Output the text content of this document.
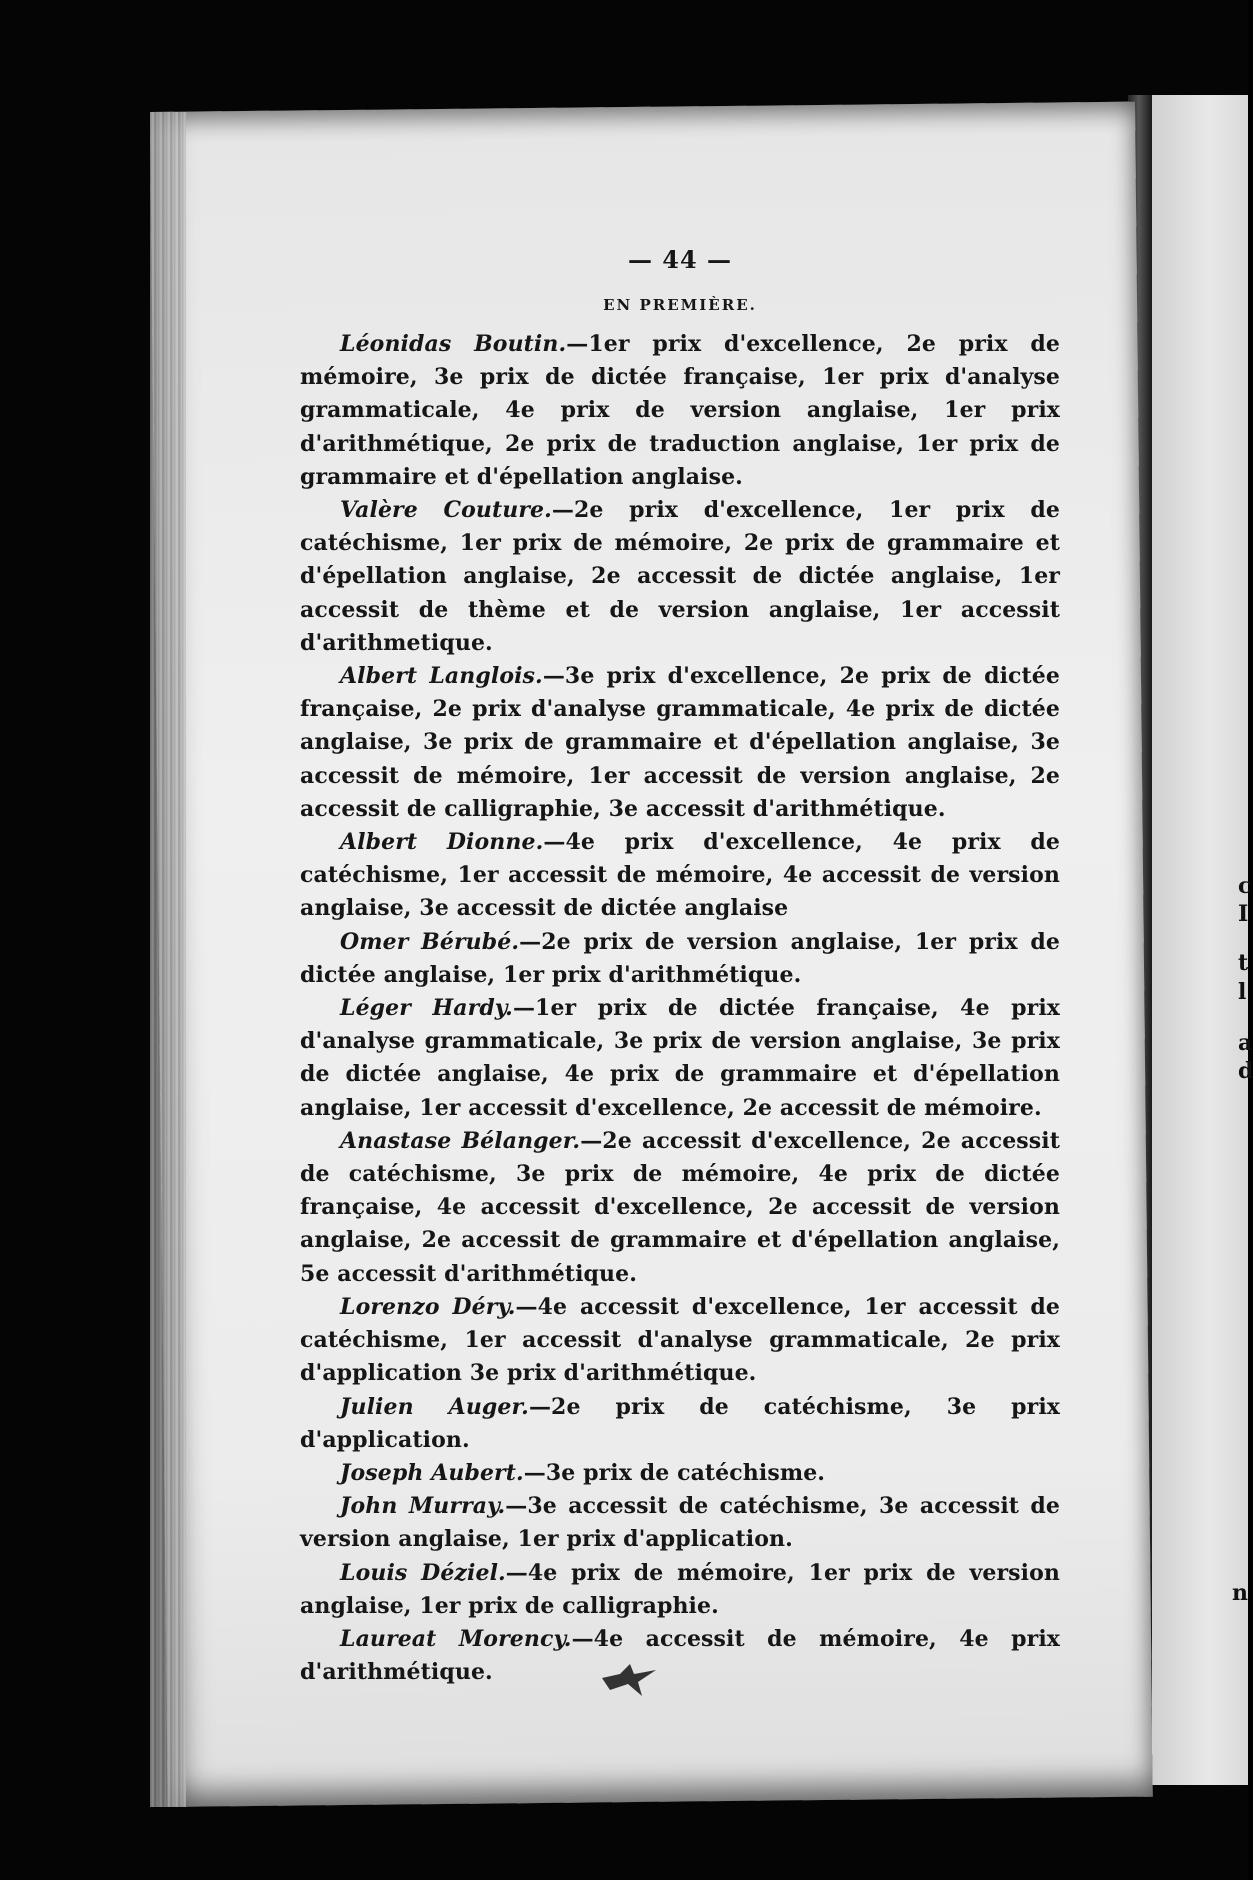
c
I
t
l
a
d
n
— 44 —
EN PREMIÈRE.

Léonidas Boutin.—1er prix d'excellence, 2e prix de mémoire, 3e prix de dictée française, 1er prix d'analyse grammaticale, 4e prix de version anglaise, 1er prix d'arithmétique, 2e prix de traduction anglaise, 1er prix de grammaire et d'épellation anglaise.

Valère Couture.—2e prix d'excellence, 1er prix de catéchisme, 1er prix de mémoire, 2e prix de grammaire et d'épellation anglaise, 2e accessit de dictée anglaise, 1er accessit de thème et de version anglaise, 1er accessit d'arithmetique.

Albert Langlois.—3e prix d'excellence, 2e prix de dictée française, 2e prix d'analyse grammaticale, 4e prix de dictée anglaise, 3e prix de grammaire et d'épellation anglaise, 3e accessit de mémoire, 1er accessit de version anglaise, 2e accessit de calligraphie, 3e accessit d'arithmétique.

Albert Dionne.—4e prix d'excellence, 4e prix de catéchisme, 1er accessit de mémoire, 4e accessit de version anglaise, 3e accessit de dictée anglaise

Omer Bérubé.—2e prix de version anglaise, 1er prix de dictée anglaise, 1er prix d'arithmétique.

Léger Hardy.—1er prix de dictée française, 4e prix d'analyse grammaticale, 3e prix de version anglaise, 3e prix de dictée anglaise, 4e prix de grammaire et d'épellation anglaise, 1er accessit d'excellence, 2e accessit de mémoire.

Anastase Bélanger.—2e accessit d'excellence, 2e accessit de catéchisme, 3e prix de mémoire, 4e prix de dictée française, 4e accessit d'excellence, 2e accessit de version anglaise, 2e accessit de grammaire et d'épellation anglaise, 5e accessit d'arithmétique.

Lorenzo Déry.—4e accessit d'excellence, 1er accessit de catéchisme, 1er accessit d'analyse grammaticale, 2e prix d'application 3e prix d'arithmétique.

Julien Auger.—2e prix de catéchisme, 3e prix d'application.

Joseph Aubert.—3e prix de catéchisme.

John Murray.—3e accessit de catéchisme, 3e accessit de version anglaise, 1er prix d'application.

Louis Déziel.—4e prix de mémoire, 1er prix de version anglaise, 1er prix de calligraphie.

Laureat Morency.—4e accessit de mémoire, 4e prix d'arithmétique.
